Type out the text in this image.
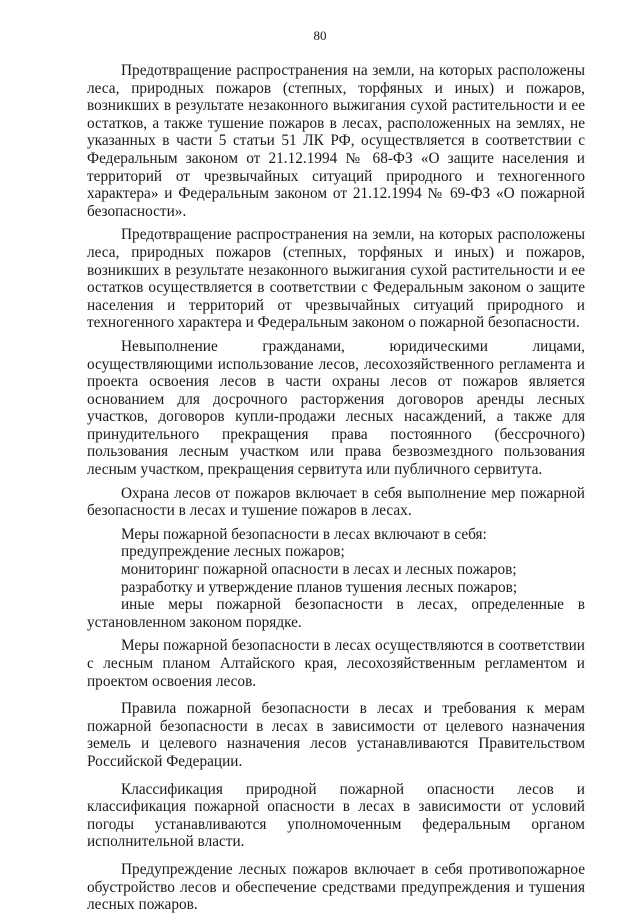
80

Предотвращение распространения на земли, на которых расположены леса, природных пожаров (степных, торфяных и иных) и пожаров, возникших в результате незаконного выжигания сухой растительности и ее остатков, а также тушение пожаров в лесах, расположенных на землях, не указанных в части 5 статьи 51 ЛК РФ, осуществляется в соответствии с Федеральным законом от 21.12.1994 № 68-ФЗ «О защите населения и территорий от чрезвычайных ситуаций природного и техногенного характера» и Федеральным законом от 21.12.1994 № 69-ФЗ «О пожарной безопасности».

Предотвращение распространения на земли, на которых расположены леса, природных пожаров (степных, торфяных и иных) и пожаров, возникших в результате незаконного выжигания сухой растительности и ее остатков осуществляется в соответствии с Федеральным законом о защите населения и территорий от чрезвычайных ситуаций природного и техногенного характера и Федеральным законом о пожарной безопасности.

Невыполнение гражданами, юридическими лицами, осуществляющими использование лесов, лесохозяйственного регламента и проекта освоения лесов в части охраны лесов от пожаров является основанием для досрочного расторжения договоров аренды лесных участков, договоров купли-продажи лесных насаждений, а также для принудительного прекращения права постоянного (бессрочного) пользования лесным участком или права безвозмездного пользования лесным участком, прекращения сервитута или публичного сервитута.

Охрана лесов от пожаров включает в себя выполнение мер пожарной безопасности в лесах и тушение пожаров в лесах.

Меры пожарной безопасности в лесах включают в себя:

предупреждение лесных пожаров;

мониторинг пожарной опасности в лесах и лесных пожаров;

разработку и утверждение планов тушения лесных пожаров;

иные меры пожарной безопасности в лесах, определенные в установленном законом порядке.

Меры пожарной безопасности в лесах осуществляются в соответствии с лесным планом Алтайского края, лесохозяйственным регламентом и проектом освоения лесов.

Правила пожарной безопасности в лесах и требования к мерам пожарной безопасности в лесах в зависимости от целевого назначения земель и целевого назначения лесов устанавливаются Правительством Российской Федерации.

Классификация природной пожарной опасности лесов и классификация пожарной опасности в лесах в зависимости от условий погоды устанавливаются уполномоченным федеральным органом исполнительной власти.

Предупреждение лесных пожаров включает в себя противопожарное обустройство лесов и обеспечение средствами предупреждения и тушения лесных пожаров.
